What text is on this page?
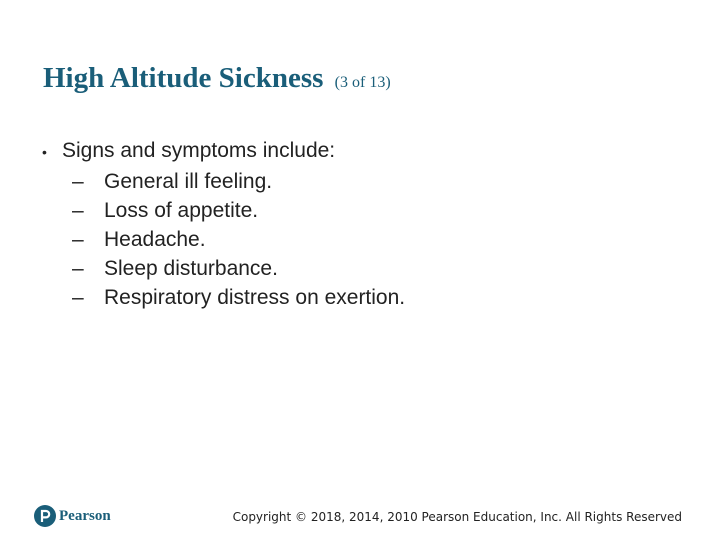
High Altitude Sickness (3 of 13)
• Signs and symptoms include:
– General ill feeling.
– Loss of appetite.
– Headache.
– Sleep disturbance.
– Respiratory distress on exertion.
Pearson	Copyright © 2018, 2014, 2010 Pearson Education, Inc. All Rights Reserved
